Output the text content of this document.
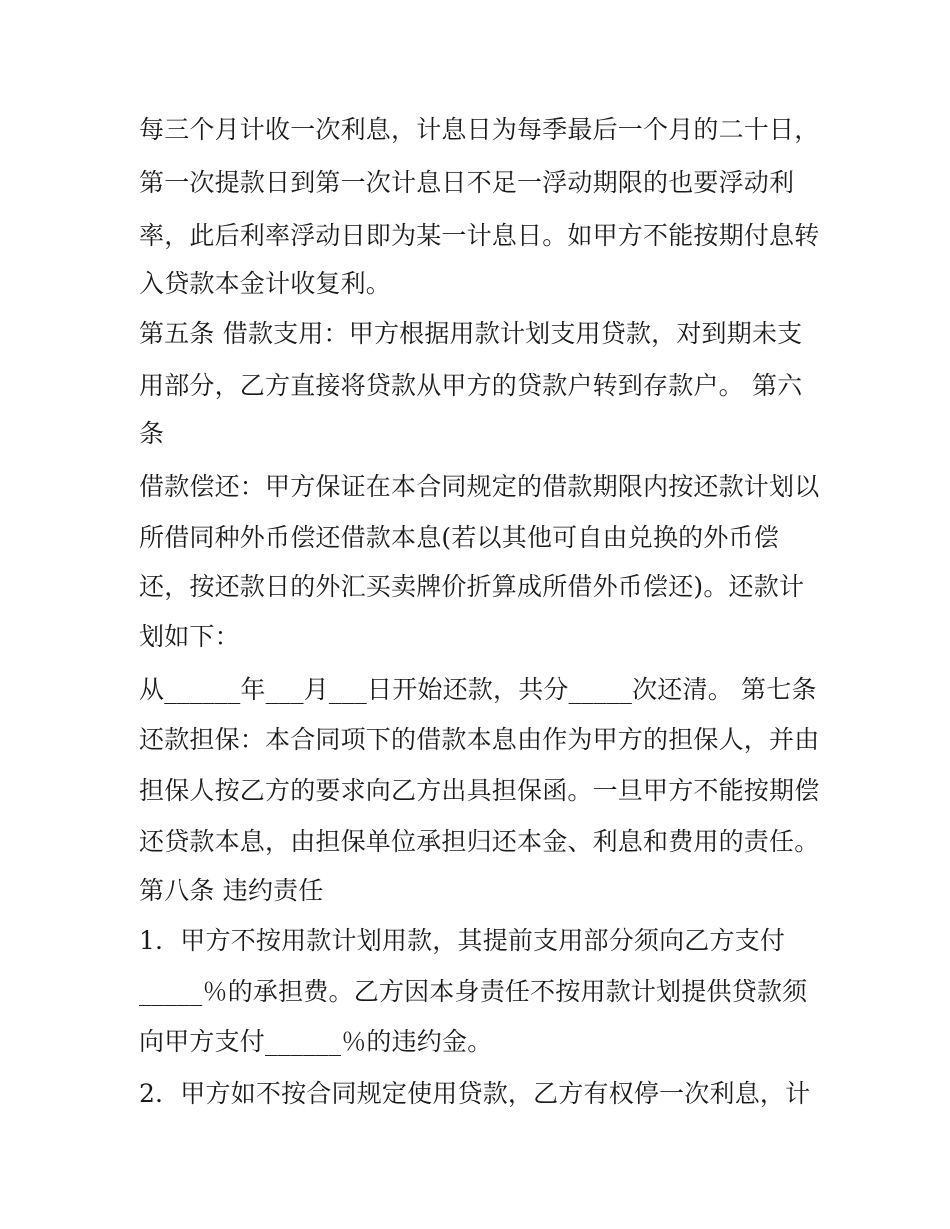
每三个月计收一次利息，计息日为每季最后一个月的二十日，
第一次提款日到第一次计息日不足一浮动期限的也要浮动利
率，此后利率浮动日即为某一计息日。如甲方不能按期付息转
入贷款本金计收复利。
第五条 借款支用：甲方根据用款计划支用贷款，对到期未支
用部分，乙方直接将贷款从甲方的贷款户转到存款户。 第六
条
借款偿还：甲方保证在本合同规定的借款期限内按还款计划以
所借同种外币偿还借款本息(若以其他可自由兑换的外币偿
还，按还款日的外汇买卖牌价折算成所借外币偿还)。还款计
划如下：
从______年___月___日开始还款，共分_____次还清。 第七条
还款担保：本合同项下的借款本息由作为甲方的担保人，并由
担保人按乙方的要求向乙方出具担保函。一旦甲方不能按期偿
还贷款本息，由担保单位承担归还本金、利息和费用的责任。
第八条 违约责任
1．甲方不按用款计划用款，其提前支用部分须向乙方支付
_____％的承担费。乙方因本身责任不按用款计划提供贷款须
向甲方支付______％的违约金。
2．甲方如不按合同规定使用贷款，乙方有权停一次利息，计
